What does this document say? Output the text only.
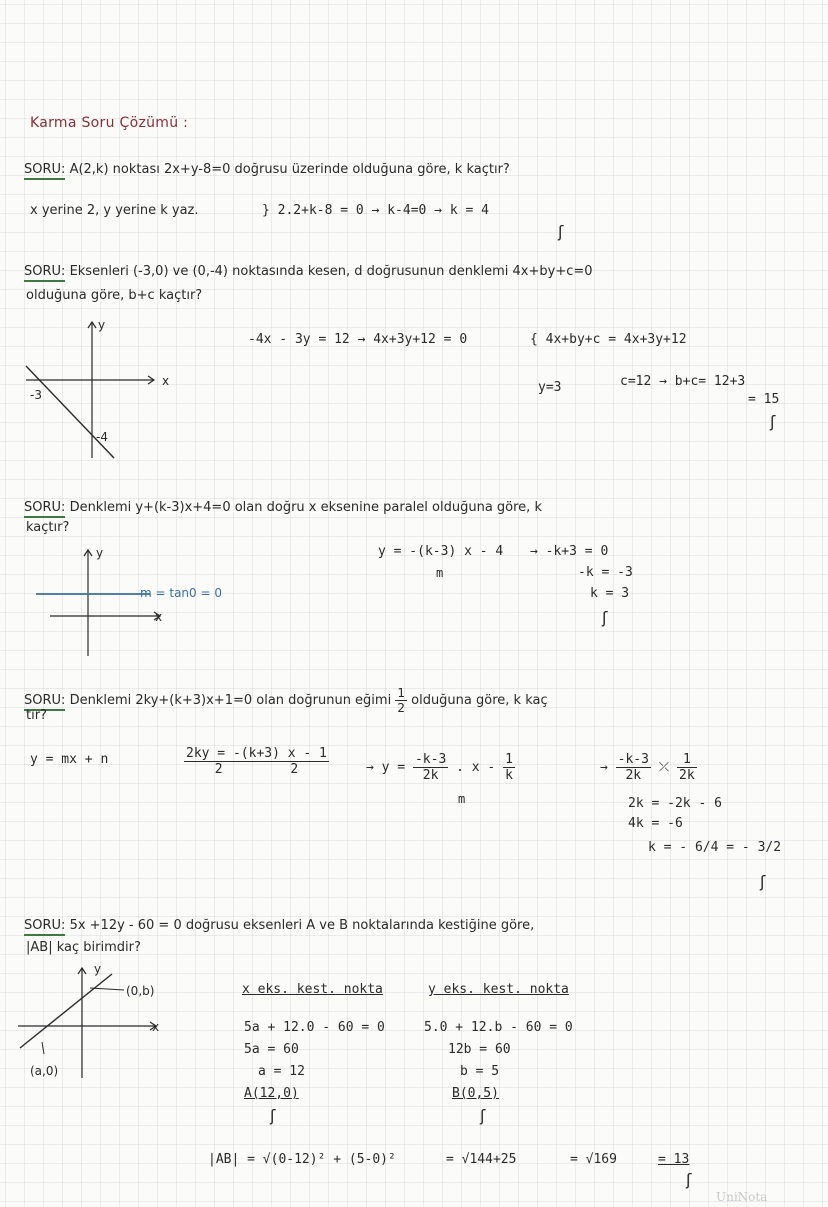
Karma Soru Çözümü :
SORU: A(2,k) noktası 2x+y-8=0 doğrusu üzerinde olduğuna göre, k kaçtır?
x yerine 2, y yerine k yaz.	} 2.2+k-8 = 0 → k-4=0 → k = 4
ʃ
SORU: Eksenleri (-3,0) ve (0,-4) noktasında kesen, d doğrusunun denklemi 4x+by+c=0
olduğuna göre, b+c kaçtır?
y
x
-3
-4
-4x - 3y = 12 → 4x+3y+12 = 0	{ 4x+by+c = 4x+3y+12
y=3	c=12 → b+c= 12+3
= 15
ʃ
SORU: Denklemi y+(k-3)x+4=0 olan doğru x eksenine paralel olduğuna göre, k
kaçtır?
y
x
m = tan0 = 0
y = -(k-3) x - 4
m
→ -k+3 = 0
-k = -3
k = 3
ʃ
SORU: Denklemi 2ky+(k+3)x+1=0 olan doğrunun eğimi $\frac{1}{2}$ olduğuna göre, k kaç
tır?
y = mx + n	2ky = -(k+3) x - 1
2	2	→ $y = \frac{-k-3}{2k}$ . x - $\frac{1}{k}$
m
→ $\frac{-k-3}{2k}$ ⤫ $\frac{1}{2k}$
2k = -2k - 6
4k = -6
k = - 6/4 = - 3/2
ʃ
SORU: 5x +12y - 60 = 0 doğrusu eksenleri A ve B noktalarında kestiğine göre,
|AB| kaç birimdir?
y
x
(0,b)
(a,0)
x eks. kest. nokta
5a + 12.0 - 60 = 0
5a = 60
a = 12
A(12,0)
ʃ
y eks. kest. nokta
5.0 + 12.b - 60 = 0
12b = 60
b = 5
B(0,5)
ʃ
|AB| = √(0-12)² + (5-0)²	= √144+25	= √169	= 13
ʃ
UniNota
